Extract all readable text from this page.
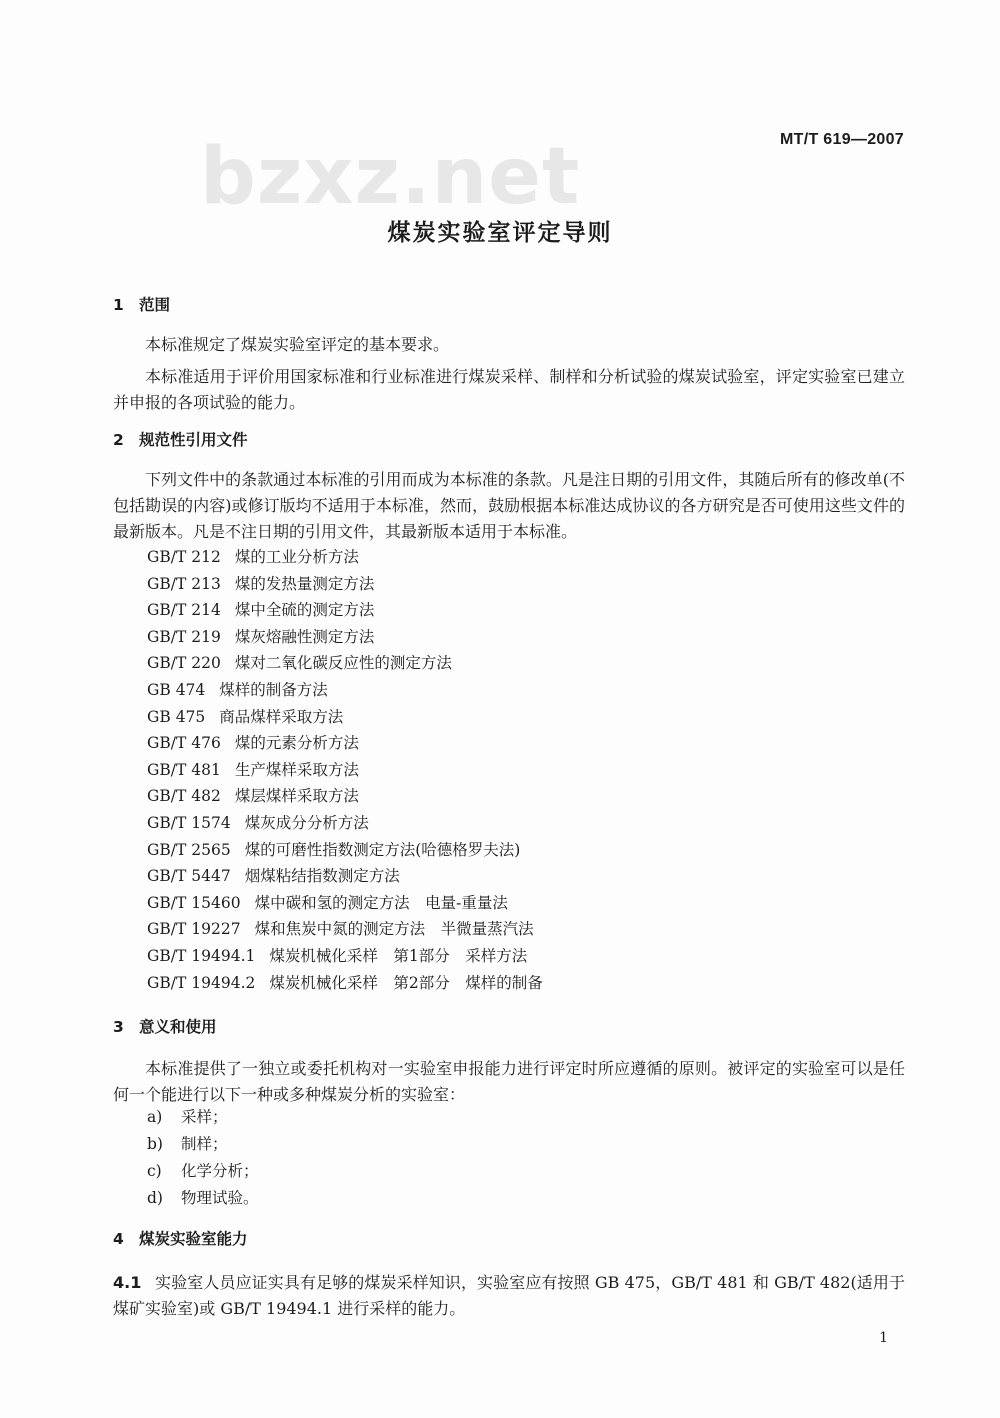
bzxz.net	MT/T 619—2007
煤炭实验室评定导则
1 范围

本标准规定了煤炭实验室评定的基本要求。

本标准适用于评价用国家标准和行业标准进行煤炭采样、制样和分析试验的煤炭试验室，评定实验室已建立并申报的各项试验的能力。

2 规范性引用文件

下列文件中的条款通过本标准的引用而成为本标准的条款。凡是注日期的引用文件，其随后所有的修改单(不包括勘误的内容)或修订版均不适用于本标准，然而，鼓励根据本标准达成协议的各方研究是否可使用这些文件的最新版本。凡是不注日期的引用文件，其最新版本适用于本标准。

GB/T 212 煤的工业分析方法
GB/T 213 煤的发热量测定方法
GB/T 214 煤中全硫的测定方法
GB/T 219 煤灰熔融性测定方法
GB/T 220 煤对二氧化碳反应性的测定方法
GB 474 煤样的制备方法
GB 475 商品煤样采取方法
GB/T 476 煤的元素分析方法
GB/T 481 生产煤样采取方法
GB/T 482 煤层煤样采取方法
GB/T 1574 煤灰成分分析方法
GB/T 2565 煤的可磨性指数测定方法(哈德格罗夫法)
GB/T 5447 烟煤粘结指数测定方法
GB/T 15460 煤中碳和氢的测定方法　电量-重量法
GB/T 19227 煤和焦炭中氮的测定方法　半微量蒸汽法
GB/T 19494.1 煤炭机械化采样　第1部分　采样方法
GB/T 19494.2 煤炭机械化采样　第2部分　煤样的制备
3 意义和使用

本标准提供了一独立或委托机构对一实验室申报能力进行评定时所应遵循的原则。被评定的实验室可以是任何一个能进行以下一种或多种煤炭分析的实验室：

a) 采样；
b) 制样；
c) 化学分析；
d) 物理试验。
4 煤炭实验室能力

4.1 实验室人员应证实具有足够的煤炭采样知识，实验室应有按照 GB 475，GB/T 481 和 GB/T 482(适用于煤矿实验室)或 GB/T 19494.1 进行采样的能力。

1
